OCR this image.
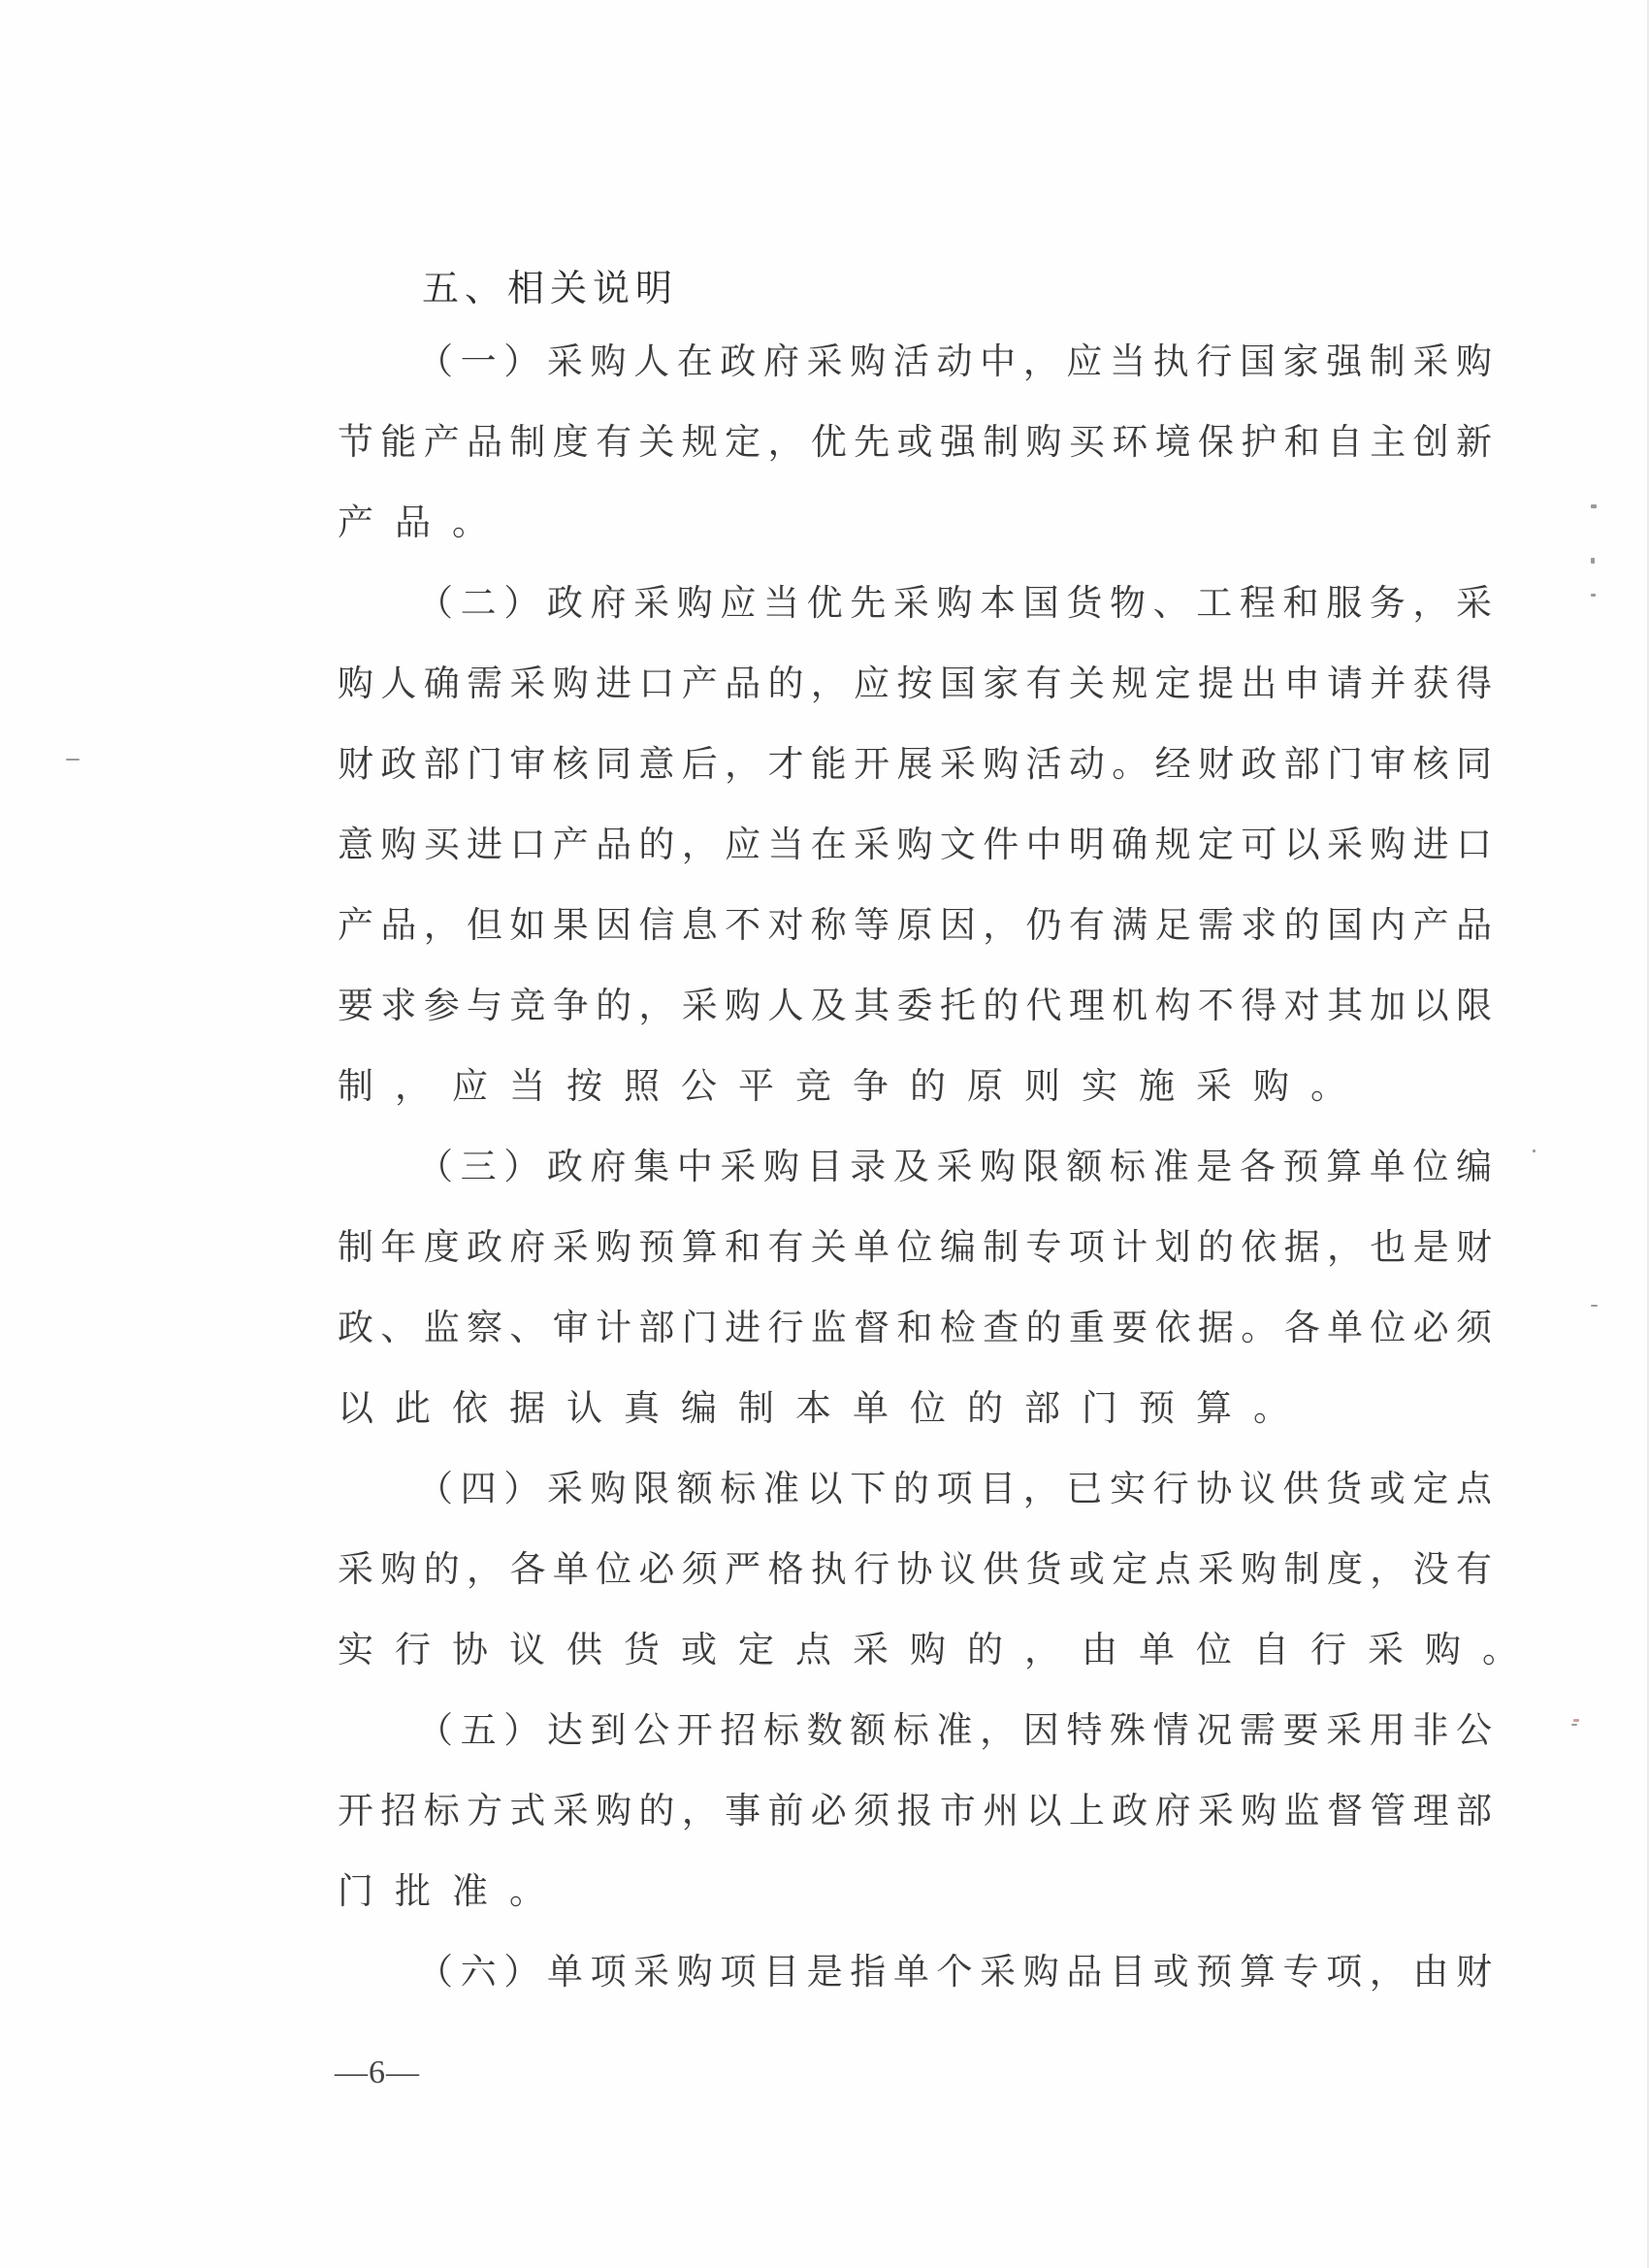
五、相关说明
（一）采购人在政府采购活动中，应当执行国家强制采购
节能产品制度有关规定，优先或强制购买环境保护和自主创新
产品。
（二）政府采购应当优先采购本国货物、工程和服务，采
购人确需采购进口产品的，应按国家有关规定提出申请并获得
财政部门审核同意后，才能开展采购活动。经财政部门审核同
意购买进口产品的，应当在采购文件中明确规定可以采购进口
产品，但如果因信息不对称等原因，仍有满足需求的国内产品
要求参与竞争的，采购人及其委托的代理机构不得对其加以限
制，应当按照公平竞争的原则实施采购。
（三）政府集中采购目录及采购限额标准是各预算单位编
制年度政府采购预算和有关单位编制专项计划的依据，也是财
政、监察、审计部门进行监督和检查的重要依据。各单位必须
以此依据认真编制本单位的部门预算。
（四）采购限额标准以下的项目，已实行协议供货或定点
采购的，各单位必须严格执行协议供货或定点采购制度，没有
实行协议供货或定点采购的，由单位自行采购。
（五）达到公开招标数额标准，因特殊情况需要采用非公
开招标方式采购的，事前必须报市州以上政府采购监督管理部
门批准。
（六）单项采购项目是指单个采购品目或预算专项，由财
—6—
